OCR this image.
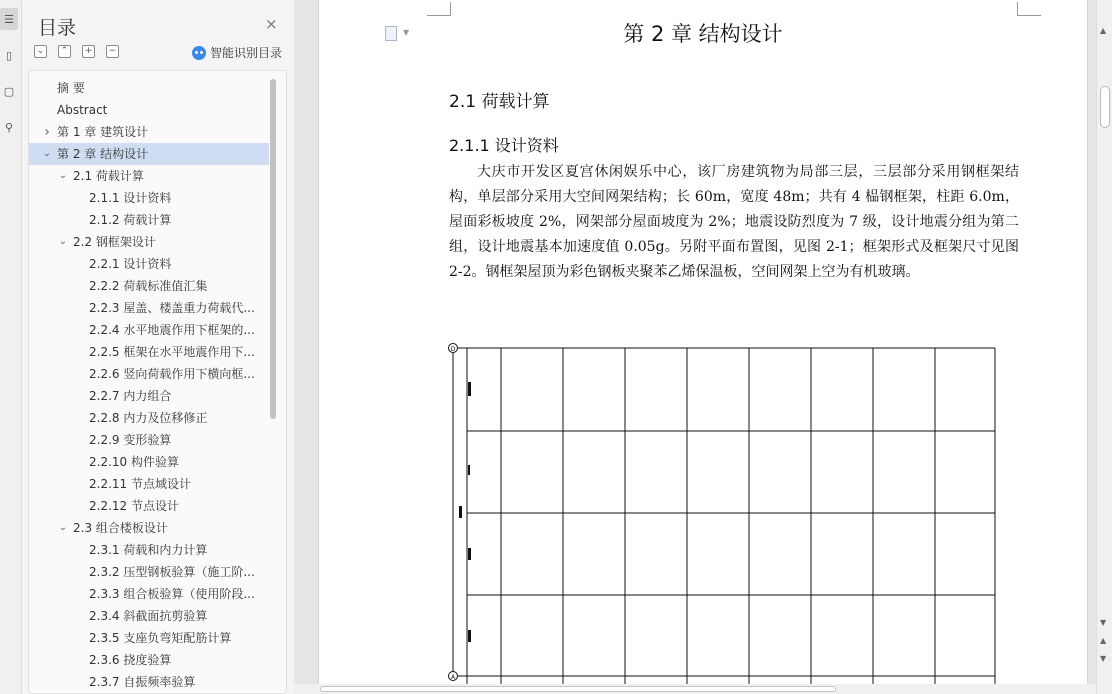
☰
▯
▢
⚲
目录	×
⌄	⌃	+	−	智能识别目录
摘 要
Abstract
› 第 1 章 建筑设计
⌄ 第 2 章 结构设计
⌄ 2.1 荷载计算
2.1.1 设计资料
2.1.2 荷载计算
⌄ 2.2 钢框架设计
2.2.1 设计资料
2.2.2 荷载标准值汇集
2.2.3 屋盖、楼盖重力荷载代...
2.2.4 水平地震作用下框架的...
2.2.5 框架在水平地震作用下...
2.2.6 竖向荷载作用下横向框...
2.2.7 内力组合
2.2.8 内力及位移修正
2.2.9 变形验算
2.2.10 构件验算
2.2.11 节点域设计
2.2.12 节点设计
⌄ 2.3 组合楼板设计
2.3.1 荷载和内力计算
2.3.2 压型钢板验算（施工阶...
2.3.3 组合板验算（使用阶段...
2.3.4 斜截面抗剪验算
2.3.5 支座负弯矩配筋计算
2.3.6 挠度验算
2.3.7 自振频率验算
▼	第 2 章 结构设计
2.1 荷载计算
2.1.1 设计资料
大庆市开发区夏宫休闲娱乐中心，该厂房建筑物为局部三层，三层部分采用钢框架结构，单层部分采用大空间网架结构；长 60m，宽度 48m；共有 4 榀钢框架，柱距 6.0m，屋面彩板坡度 2%，网架部分屋面坡度为 2%；地震设防烈度为 7 级，设计地震分组为第二组，设计地震基本加速度值 0.05g。另附平面布置图，见图 2-1；框架形式及框架尺寸见图 2-2。钢框架屋顶为彩色钢板夹聚苯乙烯保温板，空间网架上空为有机玻璃。
D
A
▲
▼
▲
▼
